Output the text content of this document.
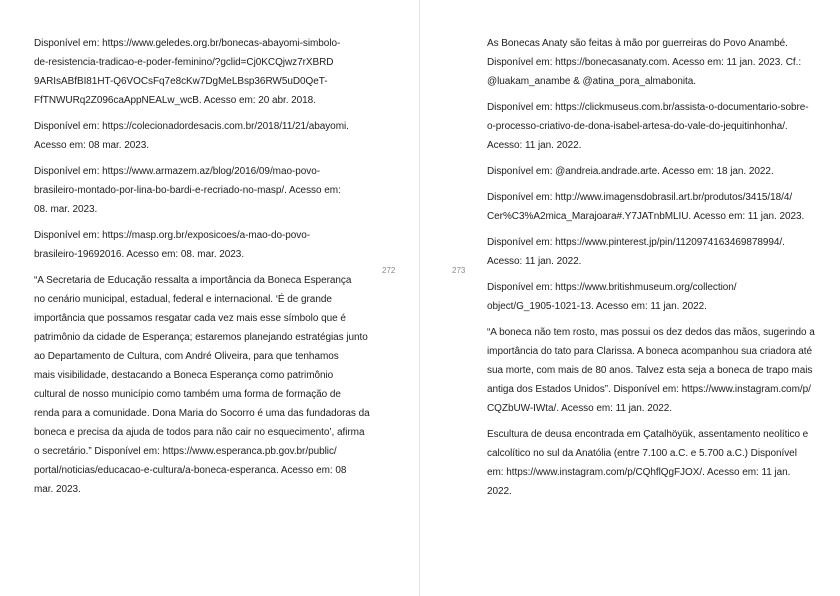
Disponível em: https://www.geledes.org.br/bonecas-abayomi-simbolo-
de-resistencia-tradicao-e-poder-feminino/?gclid=Cj0KCQjwz7rXBRD
9ARIsABfBI81HT-Q6VOCsFq7e8cKw7DgMeLBsp36RW5uD0QeT-
FfTNWURq2Z096caAppNEALw_wcB. Acesso em: 20 abr. 2018.

Disponível em: https://colecionadordesacis.com.br/2018/11/21/abayomi.
Acesso em: 08 mar. 2023.

Disponível em: https://www.armazem.az/blog/2016/09/mao-povo-
brasileiro-montado-por-lina-bo-bardi-e-recriado-no-masp/. Acesso em:
08. mar. 2023.

Disponível em: https://masp.org.br/exposicoes/a-mao-do-povo-
brasileiro-19692016. Acesso em: 08. mar. 2023.

“A Secretaria de Educação ressalta a importância da Boneca Esperança
no cenário municipal, estadual, federal e internacional. ‘É de grande
importância que possamos resgatar cada vez mais esse símbolo que é
patrimônio da cidade de Esperança; estaremos planejando estratégias junto
ao Departamento de Cultura, com André Oliveira, para que tenhamos
mais visibilidade, destacando a Boneca Esperança como patrimônio
cultural de nosso município como também uma forma de formação de
renda para a comunidade. Dona Maria do Socorro é uma das fundadoras da
boneca e precisa da ajuda de todos para não cair no esquecimento’, afirma
o secretário.” Disponível em: https://www.esperanca.pb.gov.br/public/
portal/noticias/educacao-e-cultura/a-boneca-esperanca. Acesso em: 08
mar. 2023.

272

As Bonecas Anaty são feitas à mão por guerreiras do Povo Anambé.
Disponível em: https://bonecasanaty.com. Acesso em: 11 jan. 2023. Cf.:
@luakam_anambe & @atina_pora_almabonita.

Disponível em: https://clickmuseus.com.br/assista-o-documentario-sobre-
o-processo-criativo-de-dona-isabel-artesa-do-vale-do-jequitinhonha/.
Acesso: 11 jan. 2022.

Disponível em: @andreia.andrade.arte. Acesso em: 18 jan. 2022.

Disponível em: http://www.imagensdobrasil.art.br/produtos/3415/18/4/
Cer%C3%A2mica_Marajoara#.Y7JATnbMLIU. Acesso em: 11 jan. 2023.

Disponível em: https://www.pinterest.jp/pin/1120974163469878994/.
Acesso: 11 jan. 2022.

Disponível em: https://www.britishmuseum.org/collection/
object/G_1905-1021-13. Acesso em: 11 jan. 2022.

“A boneca não tem rosto, mas possui os dez dedos das mãos, sugerindo a
importância do tato para Clarissa. A boneca acompanhou sua criadora até
sua morte, com mais de 80 anos. Talvez esta seja a boneca de trapo mais
antiga dos Estados Unidos”. Disponível em: https://www.instagram.com/p/
CQZbUW-IWta/. Acesso em: 11 jan. 2022.

Escultura de deusa encontrada em Çatalhöyük, assentamento neolítico e
calcolítico no sul da Anatólia (entre 7.100 a.C. e 5.700 a.C.) Disponível
em: https://www.instagram.com/p/CQhflQgFJOX/. Acesso em: 11 jan.
2022.

273
